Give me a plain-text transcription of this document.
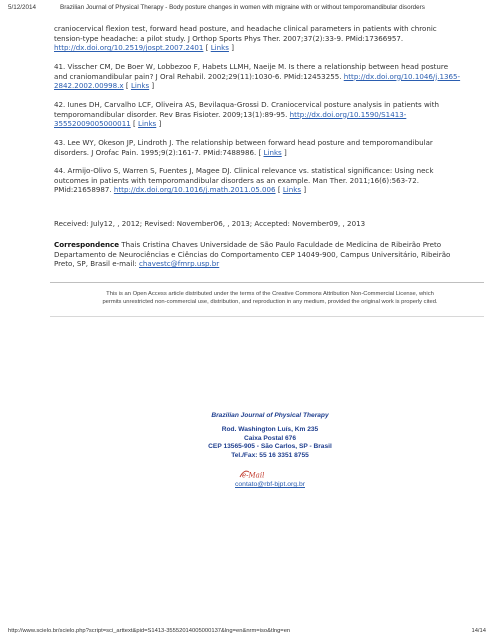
5/12/2014	Brazilian Journal of Physical Therapy - Body posture changes in women with migraine with or without temporomandibular disorders
craniocervical flexion test, forward head posture, and headache clinical parameters in patients with chronic
tension-type headache: a pilot study. J Orthop Sports Phys Ther. 2007;37(2):33-9. PMid:17366957.
http://dx.doi.org/10.2519/jospt.2007.2401 [ Links ]
41. Visscher CM, De Boer W, Lobbezoo F, Habets LLMH, Naeije M. Is there a relationship between head posture
and craniomandibular pain? J Oral Rehabil. 2002;29(11):1030-6. PMid:12453255. http://dx.doi.org/10.1046/j.1365-
2842.2002.00998.x [ Links ]
42. Iunes DH, Carvalho LCF, Oliveira AS, Bevilaqua-Grossi D. Craniocervical posture analysis in patients with
temporomandibular disorder. Rev Bras Fisioter. 2009;13(1):89-95. http://dx.doi.org/10.1590/S1413-
35552009005000011 [ Links ]
43. Lee WY, Okeson JP, Lindroth J. The relationship between forward head posture and temporomandibular
disorders. J Orofac Pain. 1995;9(2):161-7. PMid:7488986. [ Links ]
44. Armijo-Olivo S, Warren S, Fuentes J, Magee DJ. Clinical relevance vs. statistical significance: Using neck
outcomes in patients with temporomandibular disorders as an example. Man Ther. 2011;16(6):563-72.
PMid:21658987. http://dx.doi.org/10.1016/j.math.2011.05.006 [ Links ]
Received: July12, , 2012; Revised: November06, , 2013; Accepted: November09, , 2013
Correspondence Thais Cristina Chaves Universidade de São Paulo Faculdade de Medicina de Ribeirão Preto
Departamento de Neurociências e Ciências do Comportamento CEP 14049-900, Campus Universitário, Ribeirão
Preto, SP, Brasil e-mail: chavestc@fmrp.usp.br
This is an Open Access article distributed under the terms of the Creative Commons Attribution Non-Commercial License, which
permits unrestricted non-commercial use, distribution, and reproduction in any medium, provided the original work is properly cited.
Brazilian Journal of Physical Therapy
Rod. Washington Luís, Km 235
Caixa Postal 676
CEP 13565-905 - São Carlos, SP - Brasil
Tel./Fax: 55 16 3351 8755
e-Mail
contato@rbf-bjpt.org.br
http://www.scielo.br/scielo.php?script=sci_arttext&pid=S1413-35552014005000137&lng=en&nrm=iso&tlng=en	14/14
